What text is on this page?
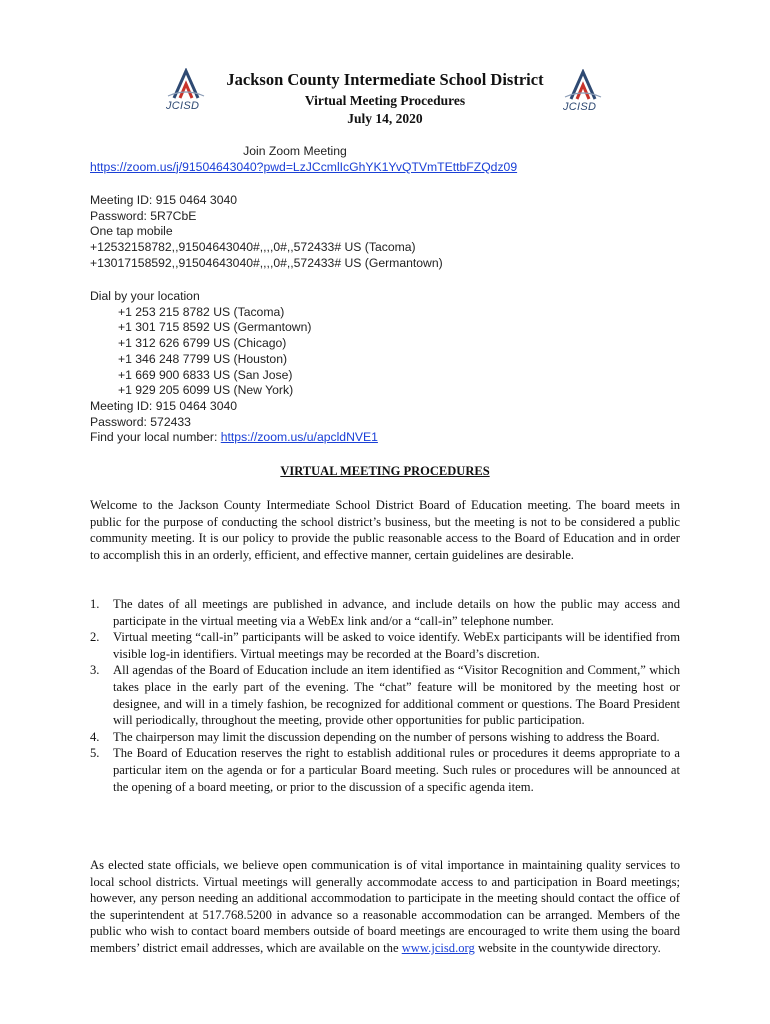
JCISD	JCISD
Jackson County Intermediate School District
Virtual Meeting Procedures
July 14, 2020
Join Zoom Meeting
https://zoom.us/j/91504643040?pwd=LzJCcmlIcGhYK1YvQTVmTEttbFZQdz09
Meeting ID: 915 0464 3040
Password: 5R7CbE
One tap mobile
+12532158782,,91504643040#,,,,0#,,572433# US (Tacoma)
+13017158592,,91504643040#,,,,0#,,572433# US (Germantown)
Dial by your location
+1 253 215 8782 US (Tacoma)
+1 301 715 8592 US (Germantown)
+1 312 626 6799 US (Chicago)
+1 346 248 7799 US (Houston)
+1 669 900 6833 US (San Jose)
+1 929 205 6099 US (New York)
Meeting ID: 915 0464 3040
Password: 572433
Find your local number: https://zoom.us/u/apcldNVE1
VIRTUAL MEETING PROCEDURES
Welcome to the Jackson County Intermediate School District Board of Education meeting. The board meets in public for the purpose of conducting the school district’s business, but the meeting is not to be considered a public community meeting. It is our policy to provide the public reasonable access to the Board of Education and in order to accomplish this in an orderly, efficient, and effective manner, certain guidelines are desirable.
1. The dates of all meetings are published in advance, and include details on how the public may access and participate in the virtual meeting via a WebEx link and/or a “call-in” telephone number.
2. Virtual meeting “call-in” participants will be asked to voice identify. WebEx participants will be identified from visible log-in identifiers. Virtual meetings may be recorded at the Board’s discretion.
3. All agendas of the Board of Education include an item identified as “Visitor Recognition and Comment,” which takes place in the early part of the evening. The “chat” feature will be monitored by the meeting host or designee, and will in a timely fashion, be recognized for additional comment or questions. The Board President will periodically, throughout the meeting, provide other opportunities for public participation.
4. The chairperson may limit the discussion depending on the number of persons wishing to address the Board.
5. The Board of Education reserves the right to establish additional rules or procedures it deems appropriate to a particular item on the agenda or for a particular Board meeting. Such rules or procedures will be announced at the opening of a board meeting, or prior to the discussion of a specific agenda item.
As elected state officials, we believe open communication is of vital importance in maintaining quality services to local school districts. Virtual meetings will generally accommodate access to and participation in Board meetings; however, any person needing an additional accommodation to participate in the meeting should contact the office of the superintendent at 517.768.5200 in advance so a reasonable accommodation can be arranged. Members of the public who wish to contact board members outside of board meetings are encouraged to write them using the board members’ district email addresses, which are available on the www.jcisd.org website in the countywide directory.
